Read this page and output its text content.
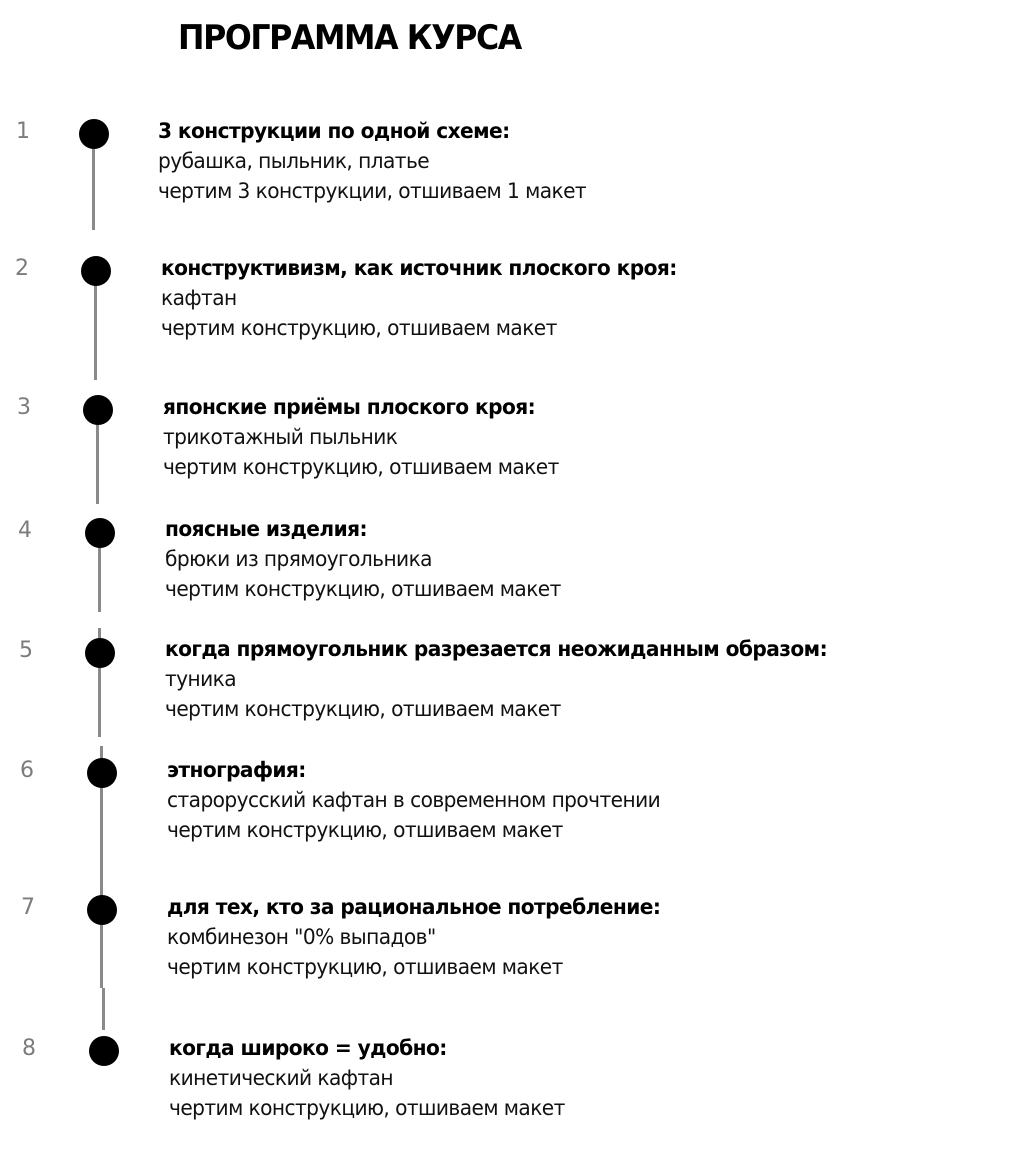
ПРОГРАММА КУРСА
1	3 конструкции по одной схеме:
рубашка, пыльник, платье
чертим 3 конструкции, отшиваем 1 макет
2	конструктивизм, как источник плоского кроя:
кафтан
чертим конструкцию, отшиваем макет
3	японские приёмы плоского кроя:
трикотажный пыльник
чертим конструкцию, отшиваем макет
4	поясные изделия:
брюки из прямоугольника
чертим конструкцию, отшиваем макет
5	когда прямоугольник разрезается неожиданным образом:
туника
чертим конструкцию, отшиваем макет
6	этнография:
старорусский кафтан в современном прочтении
чертим конструкцию, отшиваем макет
7	для тех, кто за рациональное потребление:
комбинезон "0% выпадов"
чертим конструкцию, отшиваем макет
8	когда широко = удобно:
кинетический кафтан
чертим конструкцию, отшиваем макет
